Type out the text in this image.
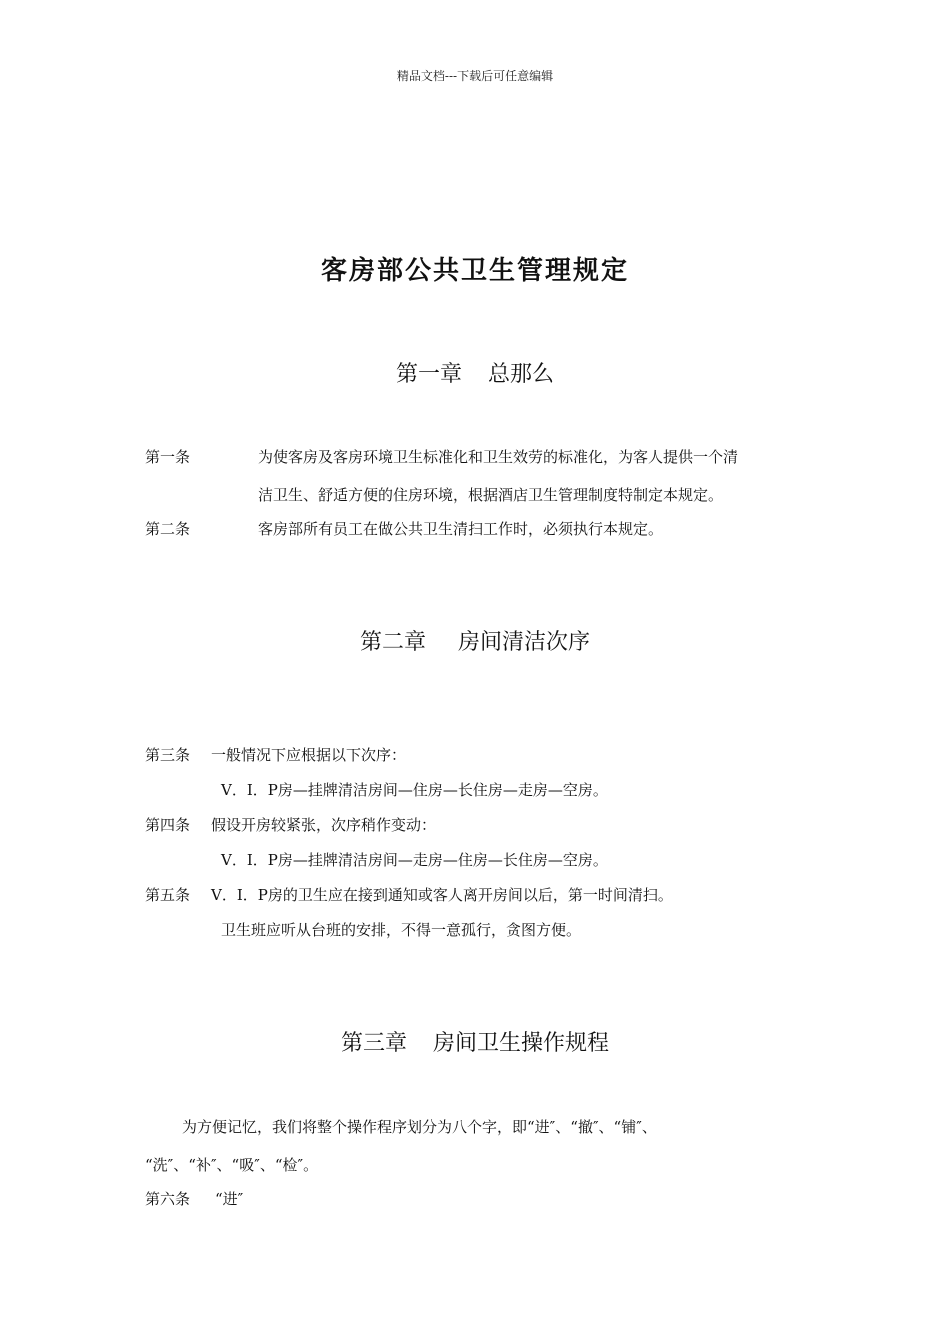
精品文档---下载后可任意编辑
客房部公共卫生管理规定
第一章 总那么
第一条	为使客房及客房环境卫生标准化和卫生效劳的标准化，为客人提供一个清
洁卫生、舒适方便的住房环境，根据酒店卫生管理制度特制定本规定。
第二条	客房部所有员工在做公共卫生清扫工作时，必须执行本规定。
第二章 房间清洁次序
第三条 一般情况下应根据以下次序：
V．I．P房—挂牌清洁房间—住房—长住房—走房—空房。
第四条 假设开房较紧张，次序稍作变动：
V．I．P房—挂牌清洁房间—走房—住房—长住房—空房。
第五条 V．I．P房的卫生应在接到通知或客人离开房间以后，第一时间清扫。
卫生班应听从台班的安排，不得一意孤行，贪图方便。
第三章 房间卫生操作规程
为方便记忆，我们将整个操作程序划分为八个字，即“进″、“撤″、“铺″、
“洗″、“补″、“吸″、“检″。
第六条 “进″
